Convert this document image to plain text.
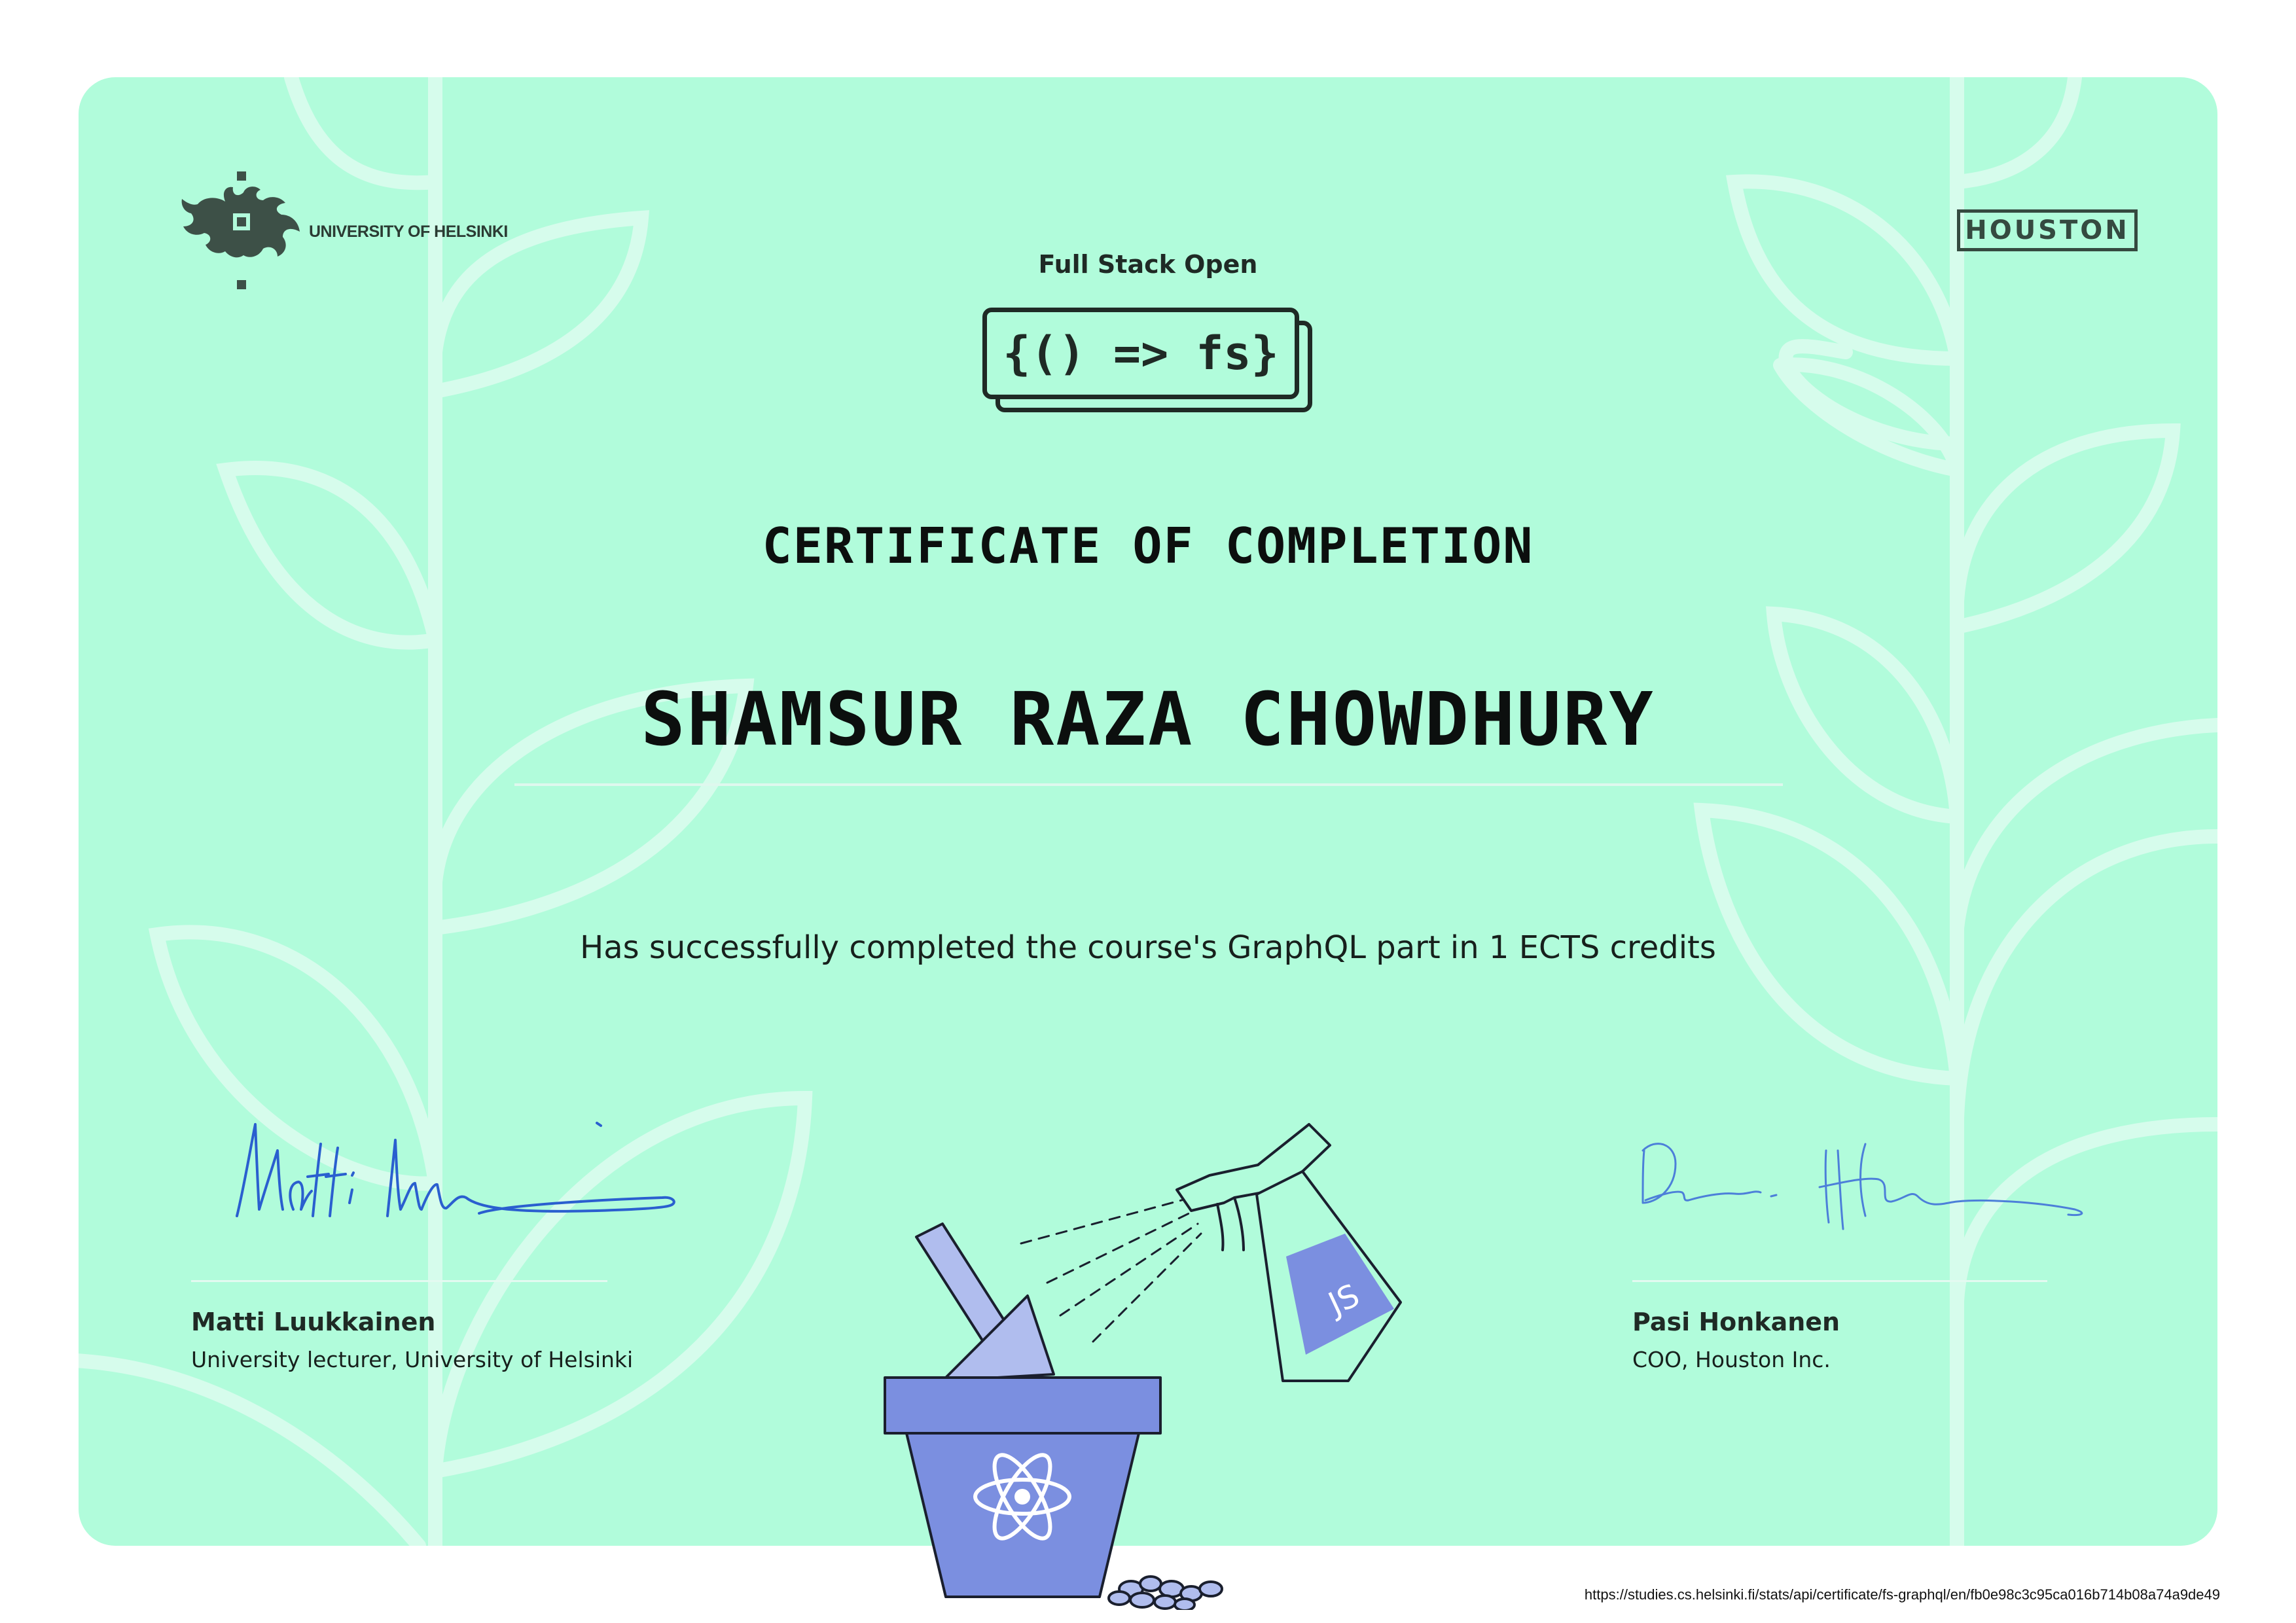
UNIVERSITY OF HELSINKI	HOUSTON
Full Stack Open
{() => fs}
CERTIFICATE OF COMPLETION
SHAMSUR RAZA CHOWDHURY
Has successfully completed the course's GraphQL part in 1 ECTS credits
Matti Luukkainen
University lecturer, University of Helsinki
Pasi Honkanen
COO, Houston Inc.
JS
https://studies.cs.helsinki.fi/stats/api/certificate/fs-graphql/en/fb0e98c3c95ca016b714b08a74a9de49
